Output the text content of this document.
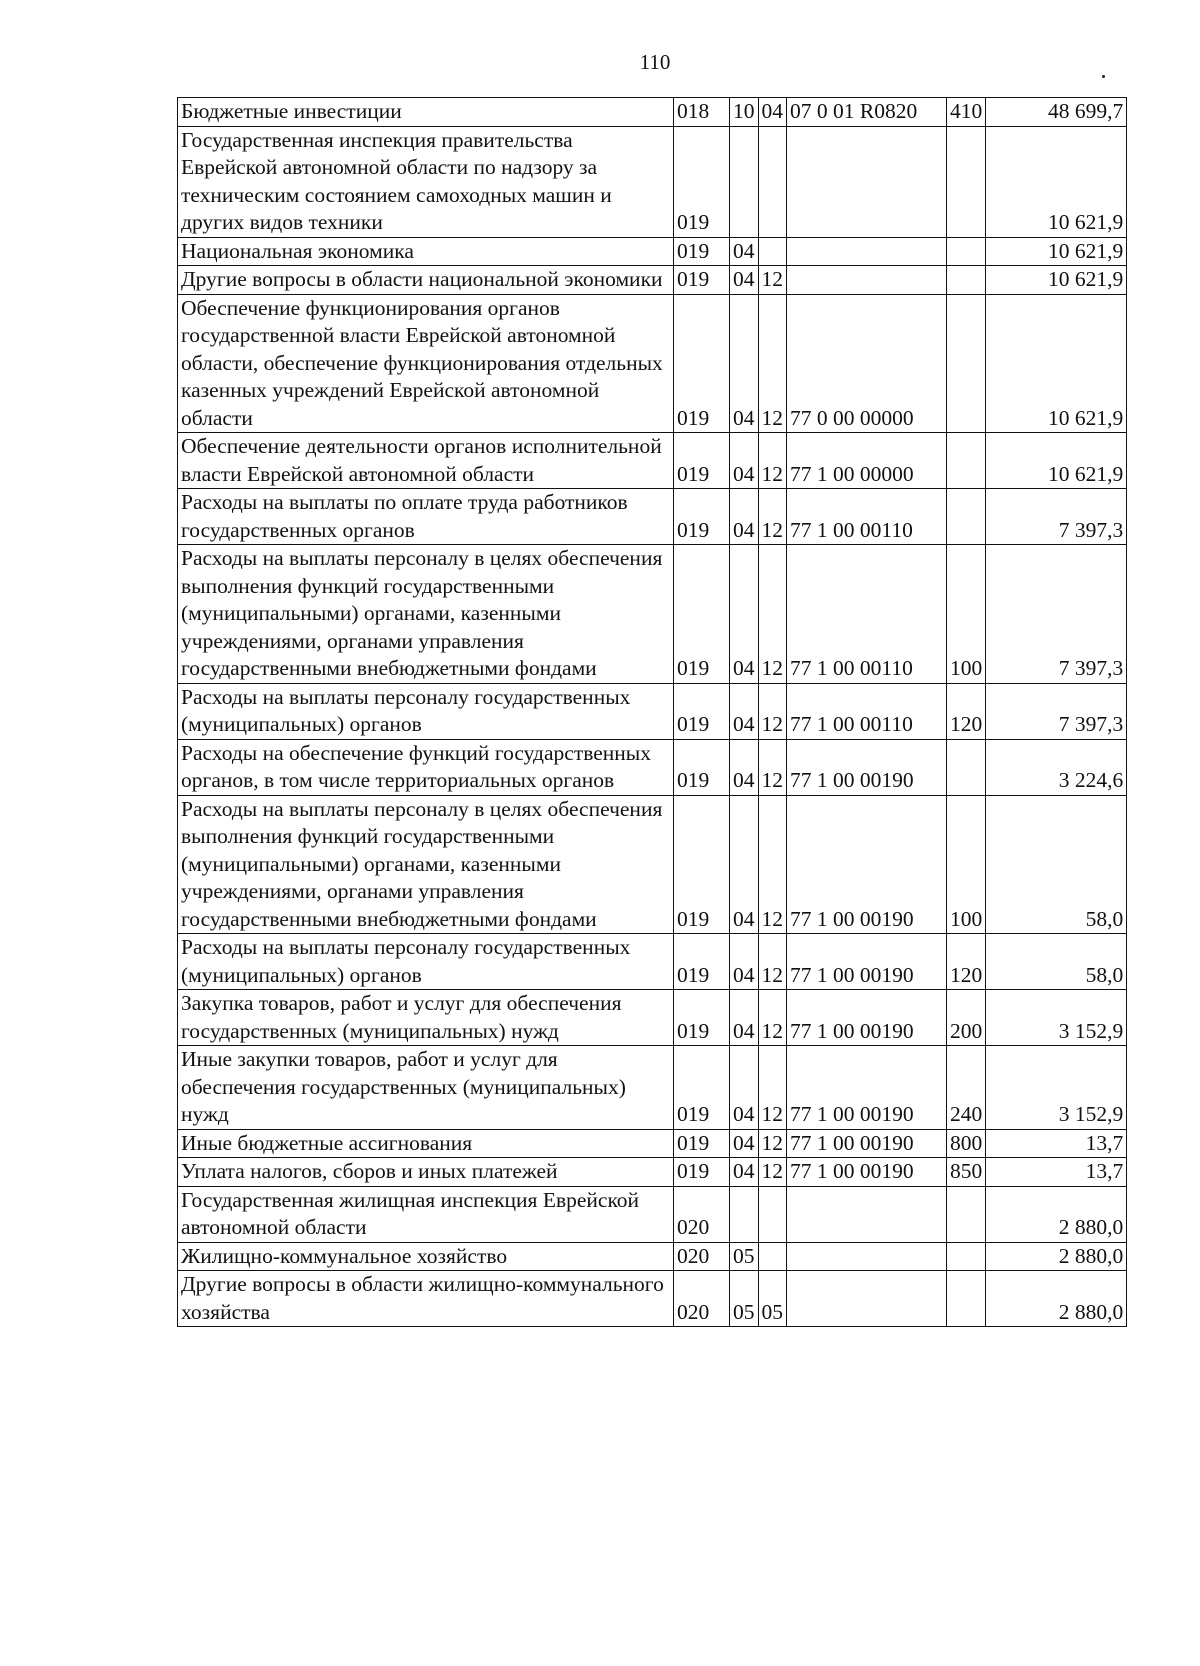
110
Бюджетные инвестиции	018	10	04	07 0 01 R0820	410	48 699,7
Государственная инспекция правительства Еврейской автономной области по надзору за техническим состоянием самоходных машин и других видов техники	019					10 621,9
Национальная экономика	019	04				10 621,9
Другие вопросы в области национальной экономики	019	04	12			10 621,9
Обеспечение функционирования органов государственной власти Еврейской автономной области, обеспечение функционирования отдельных казенных учреждений Еврейской автономной области	019	04	12	77 0 00 00000		10 621,9
Обеспечение деятельности органов исполнительной власти Еврейской автономной области	019	04	12	77 1 00 00000		10 621,9
Расходы на выплаты по оплате труда работников государственных органов	019	04	12	77 1 00 00110		7 397,3
Расходы на выплаты персоналу в целях обеспечения выполнения функций государственными (муниципальными) органами, казенными учреждениями, органами управления государственными внебюджетными фондами	019	04	12	77 1 00 00110	100	7 397,3
Расходы на выплаты персоналу государственных (муниципальных) органов	019	04	12	77 1 00 00110	120	7 397,3
Расходы на обеспечение функций государственных органов, в том числе территориальных органов	019	04	12	77 1 00 00190		3 224,6
Расходы на выплаты персоналу в целях обеспечения выполнения функций государственными (муниципальными) органами, казенными учреждениями, органами управления государственными внебюджетными фондами	019	04	12	77 1 00 00190	100	58,0
Расходы на выплаты персоналу государственных (муниципальных) органов	019	04	12	77 1 00 00190	120	58,0
Закупка товаров, работ и услуг для обеспечения государственных (муниципальных) нужд	019	04	12	77 1 00 00190	200	3 152,9
Иные закупки товаров, работ и услуг для обеспечения государственных (муниципальных) нужд	019	04	12	77 1 00 00190	240	3 152,9
Иные бюджетные ассигнования	019	04	12	77 1 00 00190	800	13,7
Уплата налогов, сборов и иных платежей	019	04	12	77 1 00 00190	850	13,7
Государственная жилищная инспекция Еврейской автономной области	020					2 880,0
Жилищно-коммунальное хозяйство	020	05				2 880,0
Другие вопросы в области жилищно-коммунального хозяйства	020	05	05			2 880,0
